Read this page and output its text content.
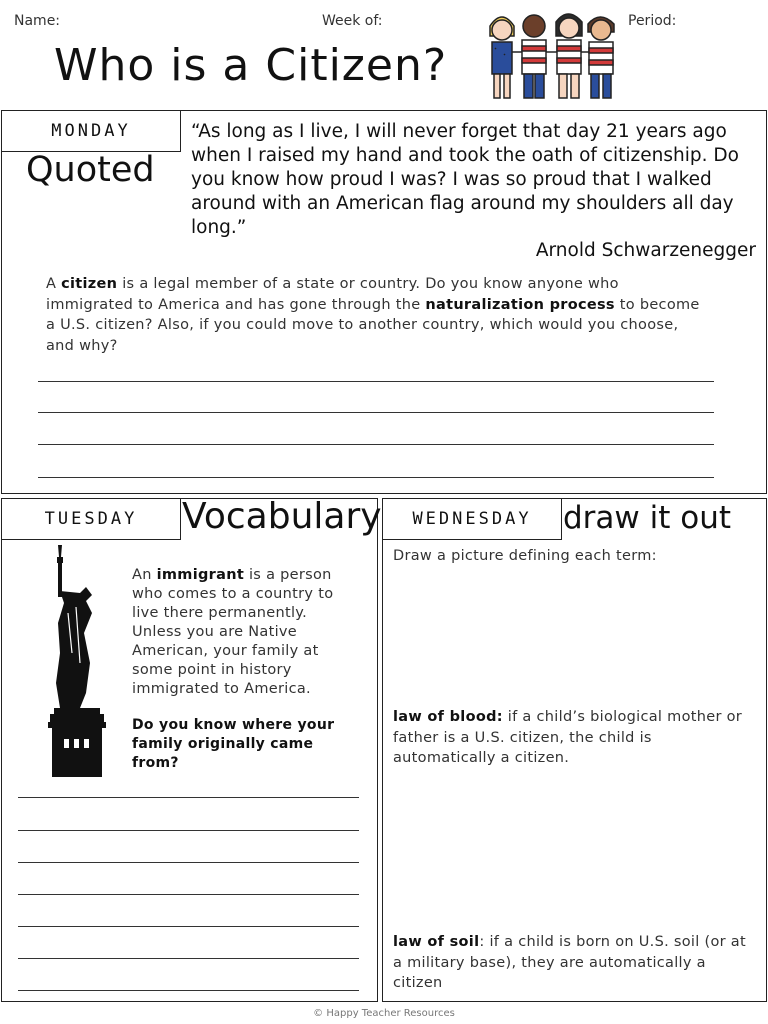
Name:	Week of:	Period:
Who is a Citizen?
MONDAY
Quoted
“As long as I live, I will never forget that day 21 years ago when I raised my hand and took the oath of citizenship. Do you know how proud I was? I was so proud that I walked around with an American flag around my shoulders all day long.”
Arnold Schwarzenegger
A citizen is a legal member of a state or country. Do you know anyone who immigrated to America and has gone through the naturalization process to become a U.S. citizen? Also, if you could move to another country, which would you choose, and why?
TUESDAY	Vocabulary
An immigrant is a person who comes to a country to live there permanently. Unless you are Native American, your family at some point in history immigrated to America.
Do you know where your family originally came from?
WEDNESDAY	draw it out
Draw a picture defining each term:
law of blood: if a child’s biological mother or father is a U.S. citizen, the child is automatically a citizen.
law of soil: if a child is born on U.S. soil (or at a military base), they are automatically a citizen
© Happy Teacher Resources
